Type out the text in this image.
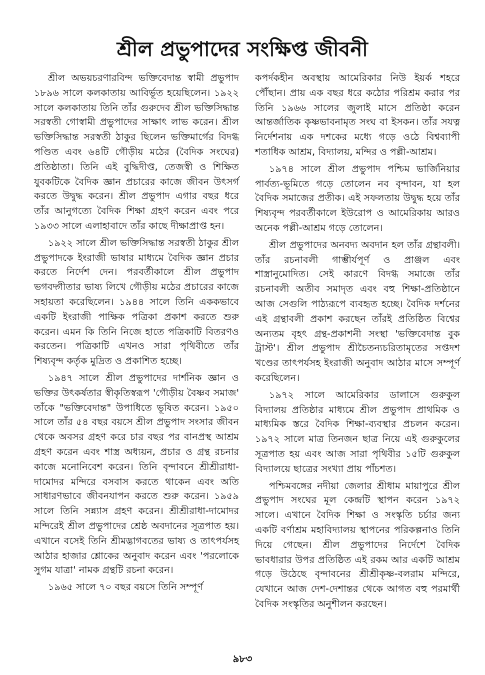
শ্রীল প্রভুপাদের সংক্ষিপ্ত জীবনী

শ্রীল অভয়চরণারবিন্দ ভক্তিবেদান্ত স্বামী প্রভুপাদ ১৮৯৬ সালে কলকাতায় আবির্ভূত হয়েছিলেন। ১৯২২ সালে কলকাতায় তিনি তাঁর গুরুদেব শ্রীল ভক্তিসিদ্ধান্ত সরস্বতী গোস্বামী প্রভুপাদের সাক্ষাৎ লাভ করেন। শ্রীল ভক্তিসিদ্ধান্ত সরস্বতী ঠাকুর ছিলেন ভক্তিমার্গের বিদগ্ধ পণ্ডিত এবং ৬৪টি গৌড়ীয় মঠের (বৈদিক সংঘের) প্রতিষ্ঠাতা। তিনি এই বুদ্ধিদীপ্ত, তেজস্বী ও শিক্ষিত যুবকটিকে বৈদিক জ্ঞান প্রচারের কাজে জীবন উৎসর্গ করতে উদ্বুদ্ধ করেন। শ্রীল প্রভুপাদ এগার বছর ধরে তাঁর আনুগত্যে বৈদিক শিক্ষা গ্রহণ করেন এবং পরে ১৯৩৩ সালে এলাহাবাদে তাঁর কাছে দীক্ষাপ্রাপ্ত হন।

১৯২২ সালে শ্রীল ভক্তিসিদ্ধান্ত সরস্বতী ঠাকুর শ্রীল প্রভুপাদকে ইংরাজী ভাষার মাধ্যমে বৈদিক জ্ঞান প্রচার করতে নির্দেশ দেন। পরবর্তীকালে শ্রীল প্রভুপাদ ভগবদ্গীতার ভাষ্য লিখে গৌড়ীয় মঠের প্রচারের কাজে সহায়তা করেছিলেন। ১৯৪৪ সালে তিনি এককভাবে একটি ইংরাজী পাক্ষিক পত্রিকা প্রকাশ করতে শুরু করেন। এমন কি তিনি নিজে হাতে পত্রিকাটি বিতরণও করতেন। পত্রিকাটি এখনও সারা পৃথিবীতে তাঁর শিষ্যবৃন্দ কর্তৃক মুদ্রিত ও প্রকাশিত হচ্ছে।

১৯৪৭ সালে শ্রীল প্রভুপাদের দার্শনিক জ্ঞান ও ভক্তির উৎকর্ষতার স্বীকৃতিস্বরূপ 'গৌড়ীয় বৈষ্ণব সমাজ' তাঁকে "ভক্তিবেদান্ত" উপাধিতে ভূষিত করেন। ১৯৫০ সালে তাঁর ৫৪ বছর বয়সে শ্রীল প্রভুপাদ সংসার জীবন থেকে অবসর গ্রহণ করে চার বছর পর বানপ্রস্থ আশ্রম গ্রহণ করেন এবং শাস্ত্র অধ্যয়ন, প্রচার ও গ্রন্থ রচনার কাজে মনোনিবেশ করেন। তিনি বৃন্দাবনে শ্রীশ্রীরাধা-দামোদর মন্দিরে বসবাস করতে থাকেন এবং অতি সাধারণভাবে জীবনযাপন করতে শুরু করেন। ১৯৫৯ সালে তিনি সন্ন্যাস গ্রহণ করেন। শ্রীশ্রীরাধা-দামোদর মন্দিরেই শ্রীল প্রভুপাদের শ্রেষ্ঠ অবদানের সূত্রপাত হয়। এখানে বসেই তিনি শ্রীমদ্ভাগবতের ভাষ্য ও তাৎপর্যসহ আঠার হাজার শ্লোকের অনুবাদ করেন এবং 'পরলোকে সুগম যাত্রা' নামক গ্রন্থটি রচনা করেন।

১৯৬৫ সালে ৭০ বছর বয়সে তিনি সম্পূর্ণ

কপর্দকহীন অবস্থায় আমেরিকার নিউ ইয়র্ক শহরে পৌঁছান। প্রায় এক বছর ধরে কঠোর পরিশ্রম করার পর তিনি ১৯৬৬ সালের জুলাই মাসে প্রতিষ্ঠা করেন আন্তর্জাতিক কৃষ্ণভাবনামৃত সংঘ বা ইসকন। তাঁর সযত্ন নির্দেশনায় এক দশকের মধ্যে গড়ে ওঠে বিশ্বব্যাপী শতাধিক আশ্রম, বিদ্যালয়, মন্দির ও পল্লী-আশ্রম।

১৯৭৪ সালে শ্রীল প্রভুপাদ পশ্চিম ভার্জিনিয়ার পার্বত্য-ভূমিতে গড়ে তোলেন নব বৃন্দাবন, যা হল বৈদিক সমাজের প্রতীক। এই সফলতায় উদ্বুদ্ধ হয়ে তাঁর শিষ্যবৃন্দ পরবর্তীকালে ইউরোপ ও আমেরিকায় আরও অনেক পল্লী-আশ্রম গড়ে তোলেন।

শ্রীল প্রভুপাদের অনবদ্য অবদান হল তাঁর গ্রন্থাবলী। তাঁর রচনাবলী গাম্ভীর্যপূর্ণ ও প্রাঞ্জল এবং শাস্ত্রানুমোদিত। সেই কারণে বিদগ্ধ সমাজে তাঁর রচনাবলী অতীব সমাদৃত এবং বহু শিক্ষা-প্রতিষ্ঠানে আজ সেগুলি পাঠ্যরূপে ব্যবহৃত হচ্ছে। বৈদিক দর্শনের এই গ্রন্থাবলী প্রকাশ করছেন তাঁরই প্রতিষ্ঠিত বিশ্বের অন্যতম বৃহৎ গ্রন্থ-প্রকাশনী সংস্থা 'ভক্তিবেদান্ত বুক ট্রাস্ট'। শ্রীল প্রভুপাদ শ্রীচৈতন্যচরিতামৃতের সপ্তদশ খণ্ডের তাৎপর্যসহ ইংরাজী অনুবাদ আঠার মাসে সম্পূর্ণ করেছিলেন।

১৯৭২ সালে আমেরিকার ডালাসে গুরুকুল বিদ্যালয় প্রতিষ্ঠার মাধ্যমে শ্রীল প্রভুপাদ প্রাথমিক ও মাধ্যমিক স্তরে বৈদিক শিক্ষা-ব্যবস্থার প্রচলন করেন। ১৯৭২ সালে মাত্র তিনজন ছাত্র নিয়ে এই গুরুকুলের সূত্রপাত হয় এবং আজ সারা পৃথিবীর ১৫টি গুরুকুল বিদ্যালয়ে ছাত্রের সংখ্যা প্রায় পাঁচশত।

পশ্চিমবঙ্গের নদীয়া জেলার শ্রীধাম মায়াপুরে শ্রীল প্রভুপাদ সংঘের মূল কেন্দ্রটি স্থাপন করেন ১৯৭২ সালে। এখানে বৈদিক শিক্ষা ও সংস্কৃতি চর্চার জন্য একটি বর্ণাশ্রম মহাবিদ্যালয় স্থাপনের পরিকল্পনাও তিনি দিয়ে গেছেন। শ্রীল প্রভুপাদের নির্দেশে বৈদিক ভাবধারার উপর প্রতিষ্ঠিত এই রকম আর একটি আশ্রম গড়ে উঠেছে বৃন্দাবনের শ্রীশ্রীকৃষ্ণ-বলরাম মন্দিরে, যেখানে আজ দেশ-দেশান্তর থেকে আগত বহু পরমার্থী বৈদিক সংস্কৃতির অনুশীলন করছেন।

৯৮৩
